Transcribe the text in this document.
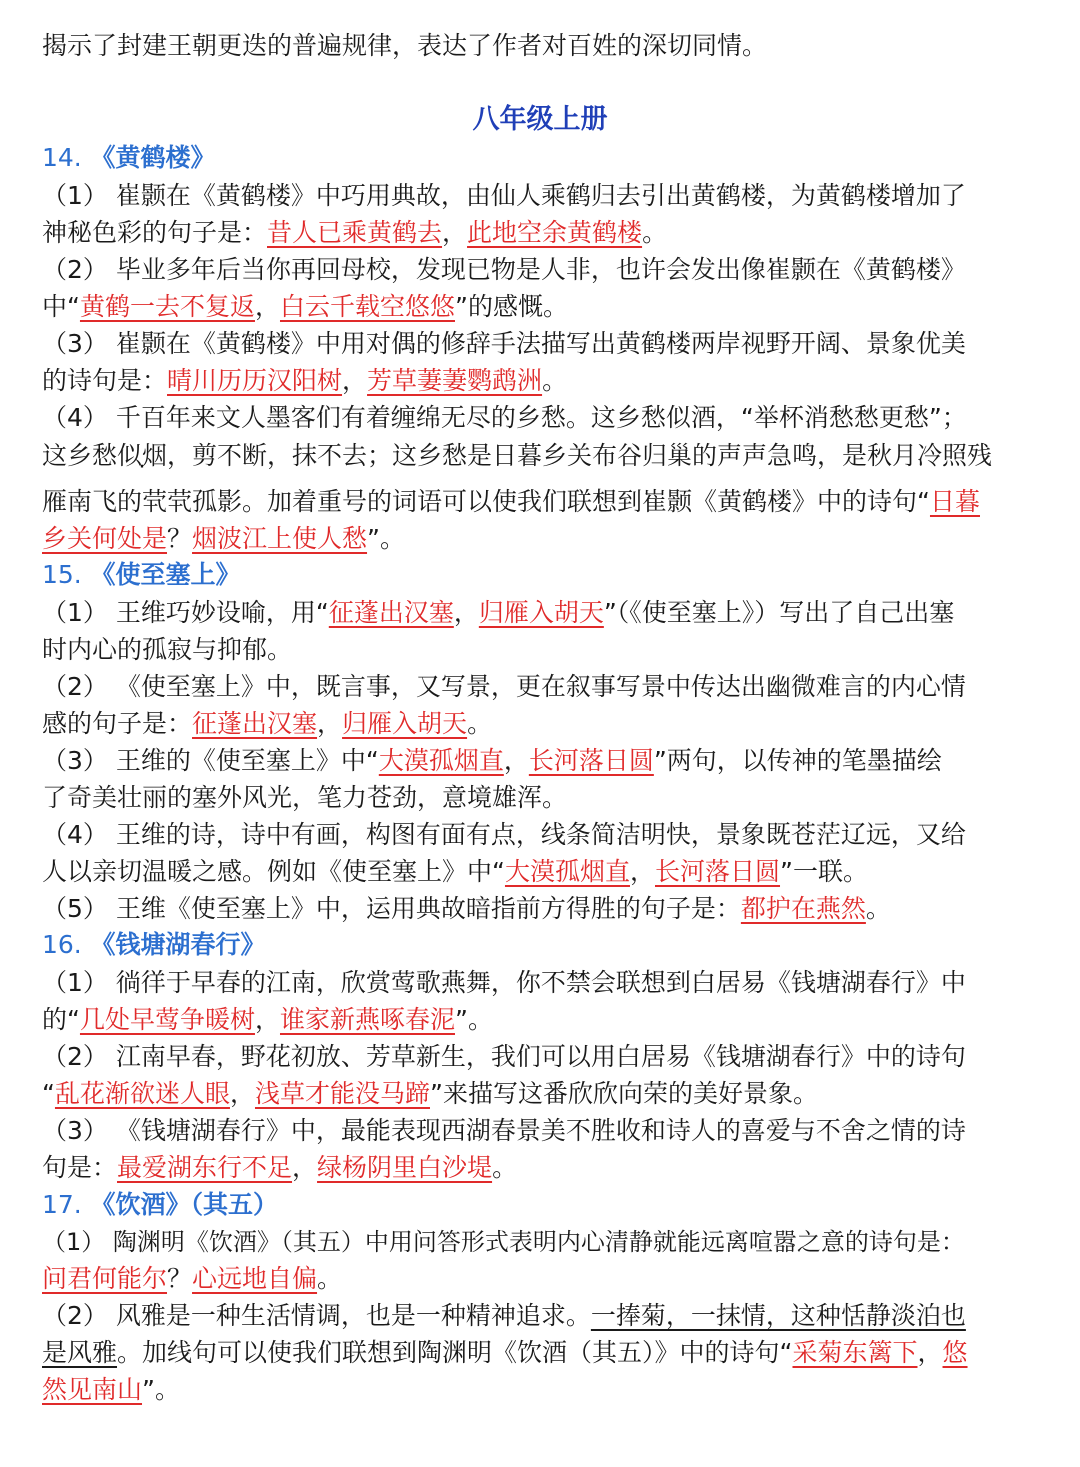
揭示了封建王朝更迭的普遍规律，表达了作者对百姓的深切同情。
八年级上册
14. 《黄鹤楼》
（1） 崔颢在《黄鹤楼》中巧用典故，由仙人乘鹤归去引出黄鹤楼，为黄鹤楼增加了
神秘色彩的句子是：昔人已乘黄鹤去，此地空余黄鹤楼。
（2） 毕业多年后当你再回母校，发现已物是人非，也许会发出像崔颢在《黄鹤楼》
中“黄鹤一去不复返，白云千载空悠悠”的感慨。
（3） 崔颢在《黄鹤楼》中用对偶的修辞手法描写出黄鹤楼两岸视野开阔、景象优美
的诗句是：晴川历历汉阳树，芳草萋萋鹦鹉洲。
（4） 千百年来文人墨客们有着缠绵无尽的乡愁。这乡愁似酒，“举杯消愁愁更愁”；
这乡愁似烟，剪不断，抹不去；这乡愁是日暮乡关布谷归巢的声声急鸣，是秋月冷照残
雁南飞的茕茕孤影。加着重号的词语可以使我们联想到崔颢《黄鹤楼》中的诗句“日暮
乡关何处是？烟波江上使人愁”。
15. 《使至塞上》
（1） 王维巧妙设喻，用“征蓬出汉塞，归雁入胡天”（《使至塞上》）写出了自己出塞
时内心的孤寂与抑郁。
（2） 《使至塞上》中，既言事，又写景，更在叙事写景中传达出幽微难言的内心情
感的句子是：征蓬出汉塞，归雁入胡天。
（3） 王维的《使至塞上》中“大漠孤烟直，长河落日圆”两句，以传神的笔墨描绘
了奇美壮丽的塞外风光，笔力苍劲，意境雄浑。
（4） 王维的诗，诗中有画，构图有面有点，线条简洁明快，景象既苍茫辽远，又给
人以亲切温暖之感。例如《使至塞上》中“大漠孤烟直，长河落日圆”一联。
（5） 王维《使至塞上》中，运用典故暗指前方得胜的句子是：都护在燕然。
16. 《钱塘湖春行》
（1） 徜徉于早春的江南，欣赏莺歌燕舞，你不禁会联想到白居易《钱塘湖春行》中
的“几处早莺争暖树，谁家新燕啄春泥”。
（2） 江南早春，野花初放、芳草新生，我们可以用白居易《钱塘湖春行》中的诗句
“乱花渐欲迷人眼，浅草才能没马蹄”来描写这番欣欣向荣的美好景象。
（3） 《钱塘湖春行》中，最能表现西湖春景美不胜收和诗人的喜爱与不舍之情的诗
句是：最爱湖东行不足，绿杨阴里白沙堤。
17. 《饮酒》（其五）
（1） 陶渊明《饮酒》（其五）中用问答形式表明内心清静就能远离喧嚣之意的诗句是：
问君何能尔？心远地自偏。
（2） 风雅是一种生活情调，也是一种精神追求。一捧菊，一抹情，这种恬静淡泊也
是风雅。加线句可以使我们联想到陶渊明《饮酒（其五）》中的诗句“采菊东篱下，悠
然见南山”。
